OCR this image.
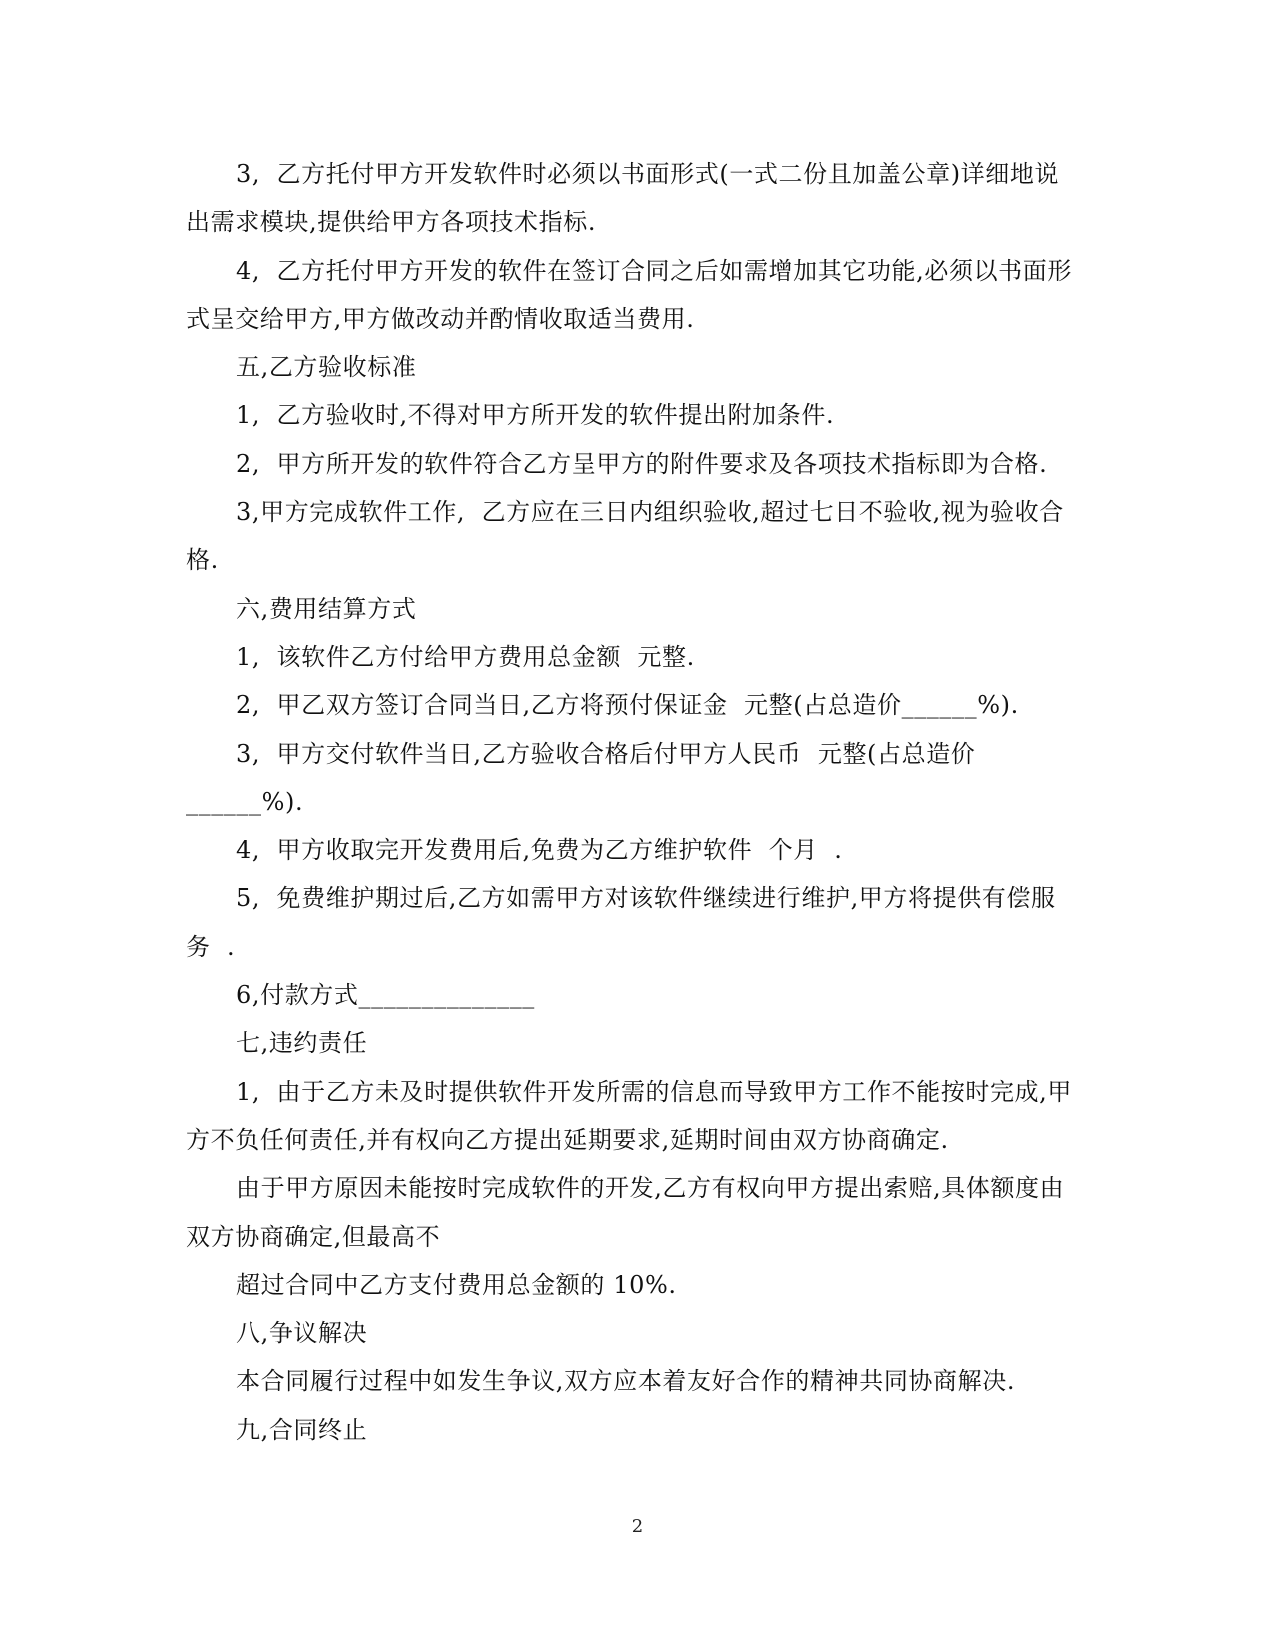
3,  乙方托付甲方开发软件时必须以书面形式(一式二份且加盖公章)详细地说
出需求模块,提供给甲方各项技术指标.
4,  乙方托付甲方开发的软件在签订合同之后如需增加其它功能,必须以书面形
式呈交给甲方,甲方做改动并酌情收取适当费用.
五,乙方验收标准
1,  乙方验收时,不得对甲方所开发的软件提出附加条件.
2,  甲方所开发的软件符合乙方呈甲方的附件要求及各项技术指标即为合格.
3,甲方完成软件工作,  乙方应在三日内组织验收,超过七日不验收,视为验收合
格.
六,费用结算方式
1,  该软件乙方付给甲方费用总金额  元整.
2,  甲乙双方签订合同当日,乙方将预付保证金  元整(占总造价______%).
3,  甲方交付软件当日,乙方验收合格后付甲方人民币  元整(占总造价
______%).
4,  甲方收取完开发费用后,免费为乙方维护软件  个月  .
5,  免费维护期过后,乙方如需甲方对该软件继续进行维护,甲方将提供有偿服
务  .
6,付款方式______________
七,违约责任
1,  由于乙方未及时提供软件开发所需的信息而导致甲方工作不能按时完成,甲
方不负任何责任,并有权向乙方提出延期要求,延期时间由双方协商确定.
由于甲方原因未能按时完成软件的开发,乙方有权向甲方提出索赔,具体额度由
双方协商确定,但最高不
超过合同中乙方支付费用总金额的 10%.
八,争议解决
本合同履行过程中如发生争议,双方应本着友好合作的精神共同协商解决.
九,合同终止
2
